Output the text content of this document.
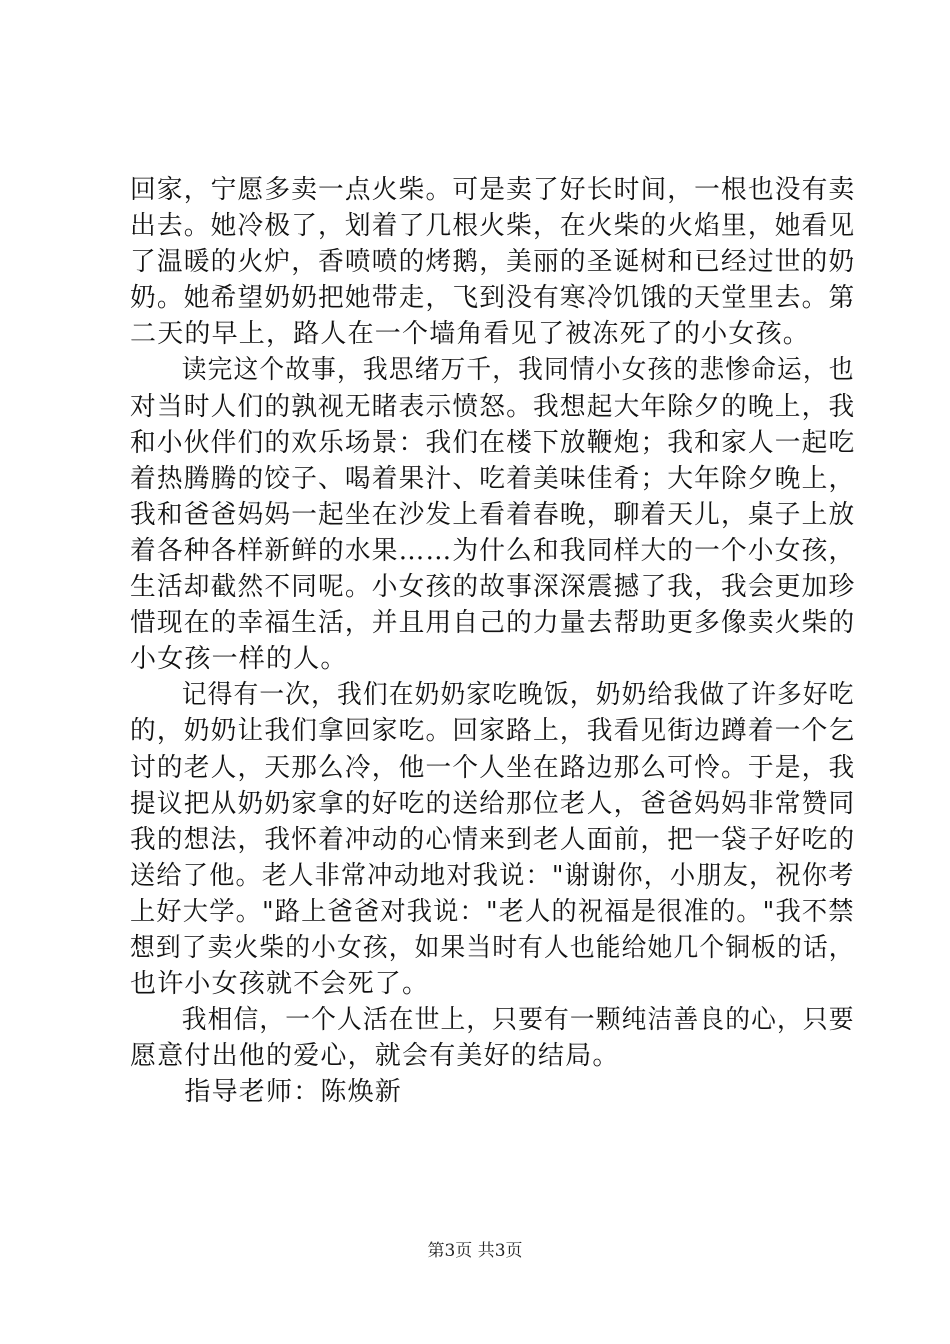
回家，宁愿多卖一点火柴。可是卖了好长时间，一根也没有卖
出去。她冷极了，划着了几根火柴，在火柴的火焰里，她看见
了温暖的火炉，香喷喷的烤鹅，美丽的圣诞树和已经过世的奶
奶。她希望奶奶把她带走，飞到没有寒冷饥饿的天堂里去。第
二天的早上，路人在一个墙角看见了被冻死了的小女孩。
　　读完这个故事，我思绪万千，我同情小女孩的悲惨命运，也
对当时人们的孰视无睹表示愤怒。我想起大年除夕的晚上，我
和小伙伴们的欢乐场景：我们在楼下放鞭炮；我和家人一起吃
着热腾腾的饺子、喝着果汁、吃着美味佳肴；大年除夕晚上，
我和爸爸妈妈一起坐在沙发上看着春晚，聊着天儿，桌子上放
着各种各样新鲜的水果……为什么和我同样大的一个小女孩，
生活却截然不同呢。小女孩的故事深深震撼了我，我会更加珍
惜现在的幸福生活，并且用自己的力量去帮助更多像卖火柴的
小女孩一样的人。
　　记得有一次，我们在奶奶家吃晚饭，奶奶给我做了许多好吃
的，奶奶让我们拿回家吃。回家路上，我看见街边蹲着一个乞
讨的老人，天那么冷，他一个人坐在路边那么可怜。于是，我
提议把从奶奶家拿的好吃的送给那位老人，爸爸妈妈非常赞同
我的想法，我怀着冲动的心情来到老人面前，把一袋子好吃的
送给了他。老人非常冲动地对我说："谢谢你，小朋友，祝你考
上好大学。"路上爸爸对我说："老人的祝福是很准的。"我不禁
想到了卖火柴的小女孩，如果当时有人也能给她几个铜板的话，
也许小女孩就不会死了。
　　我相信，一个人活在世上，只要有一颗纯洁善良的心，只要
愿意付出他的爱心，就会有美好的结局。
　　指导老师：陈焕新
第3页 共3页
